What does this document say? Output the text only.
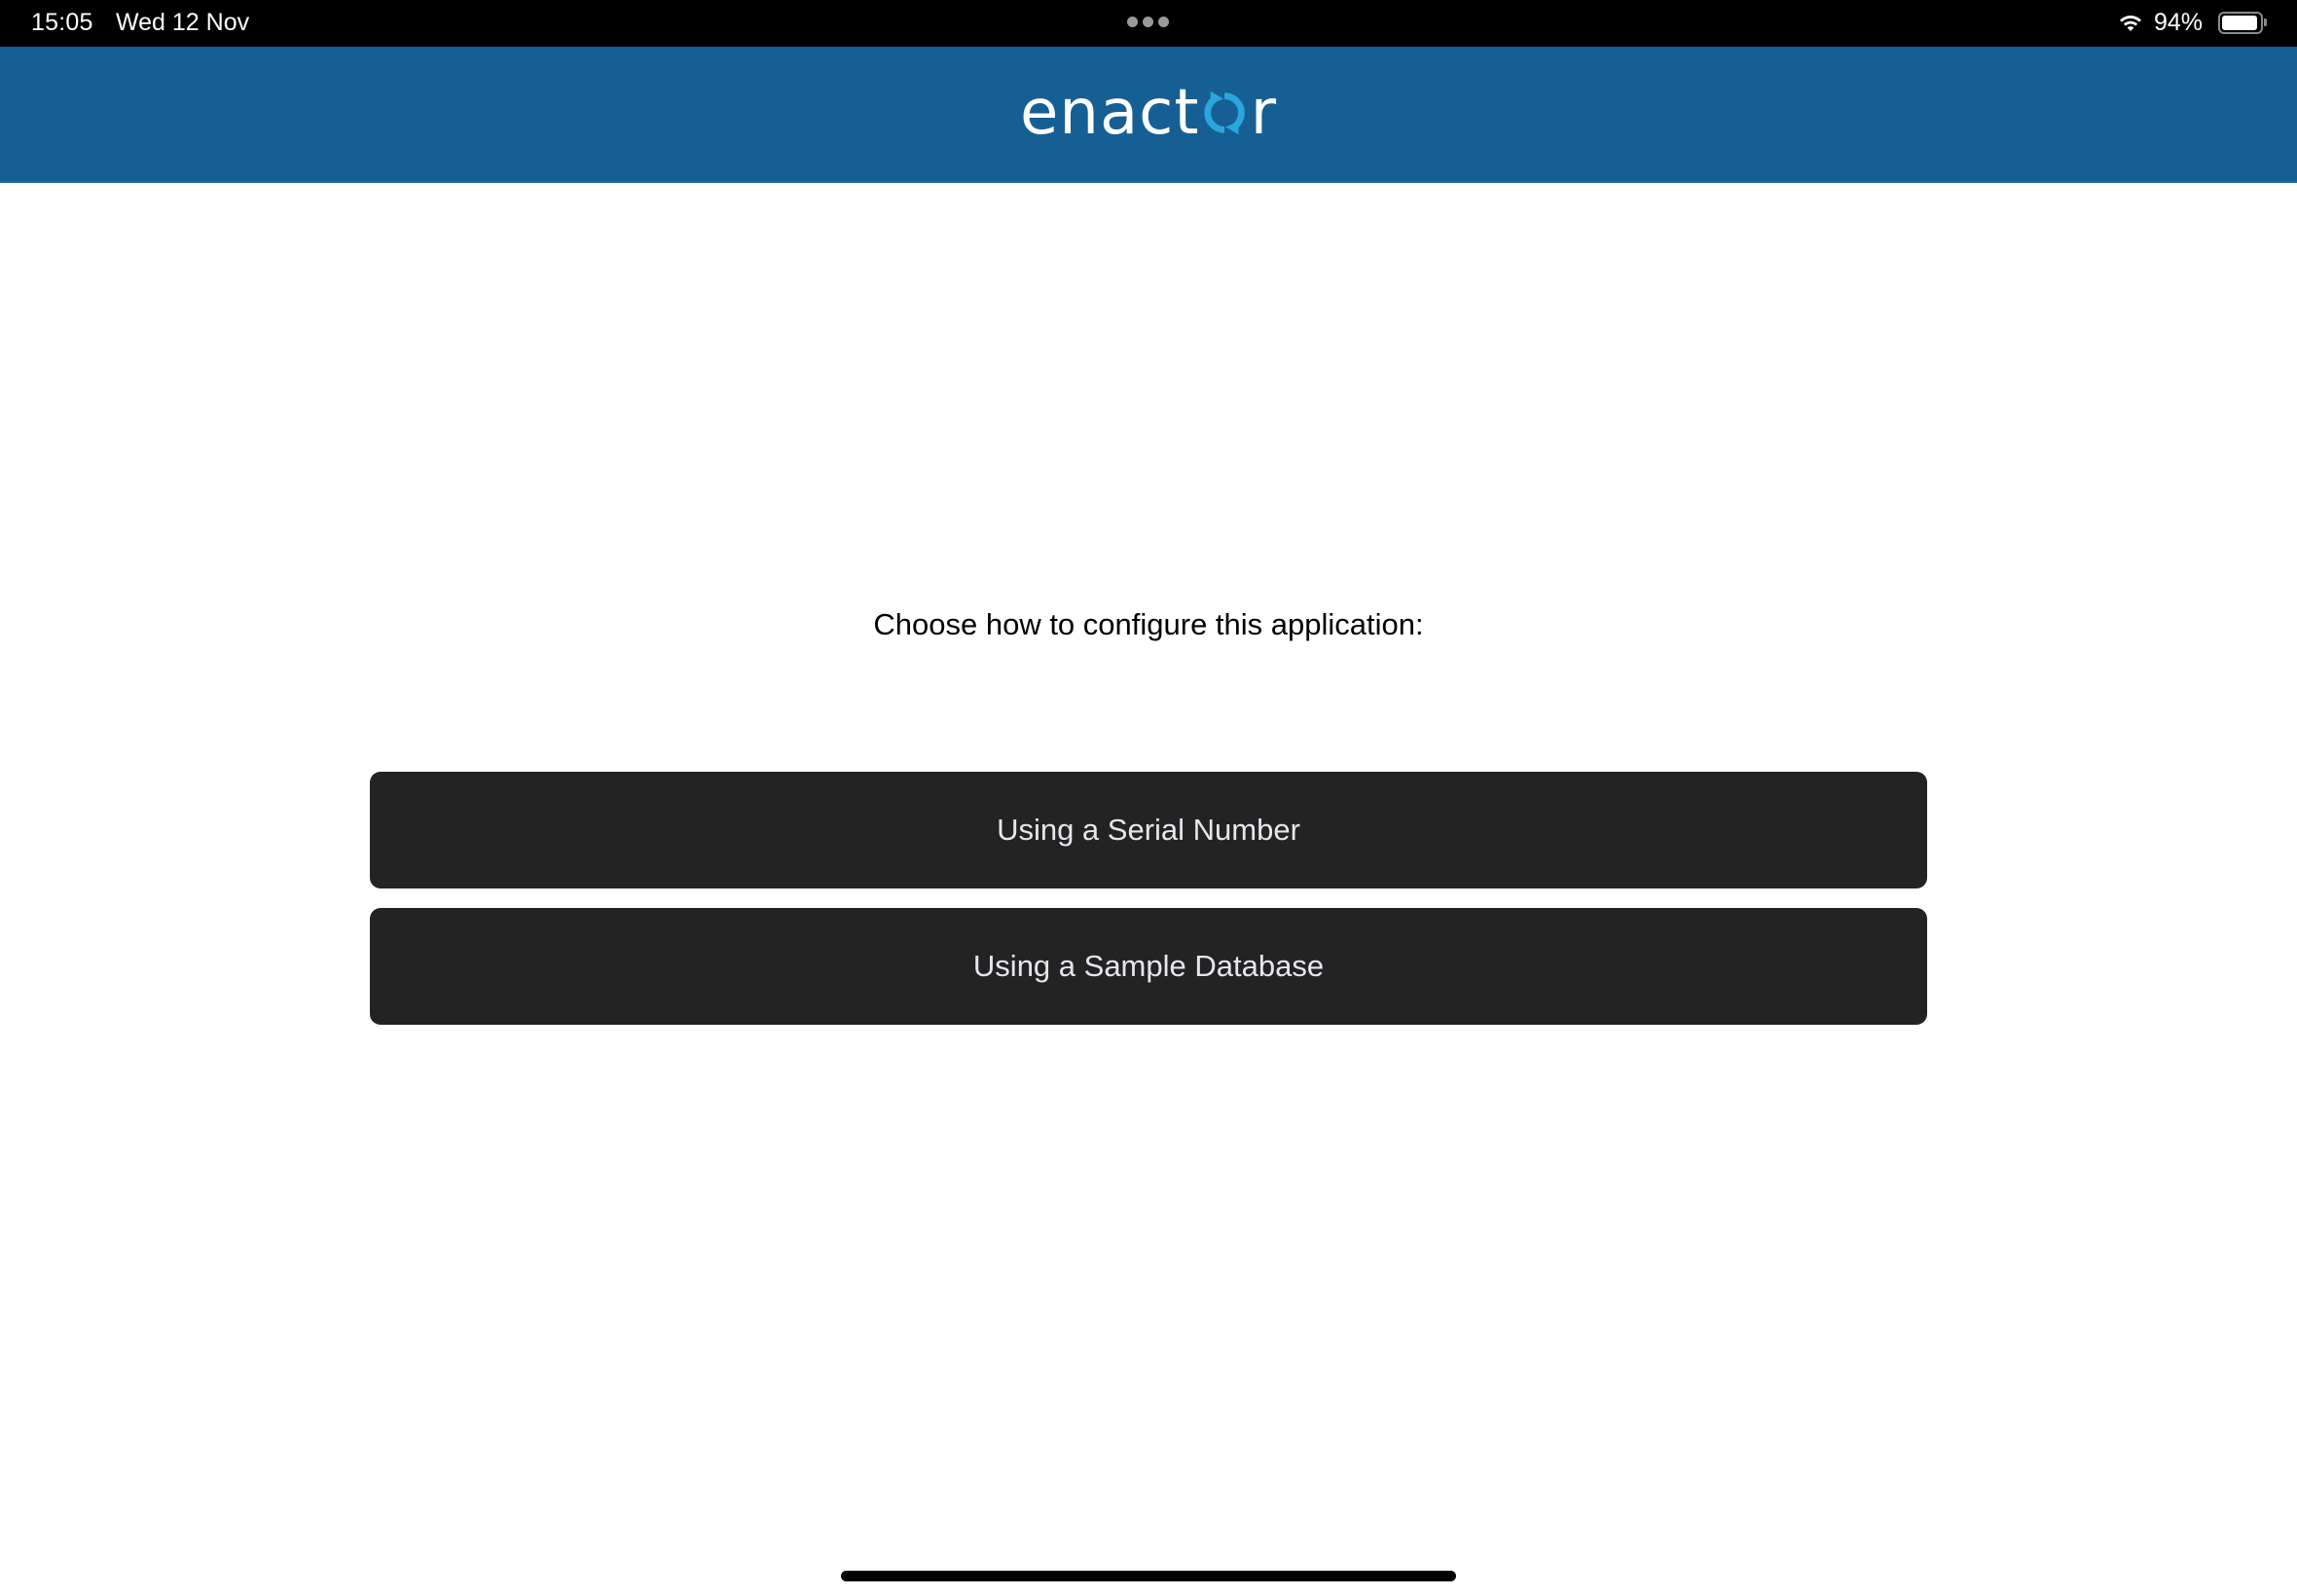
15:05 Wed 12 Nov	94%
enact r
Choose how to configure this application:
Using a Serial Number
Using a Sample Database
